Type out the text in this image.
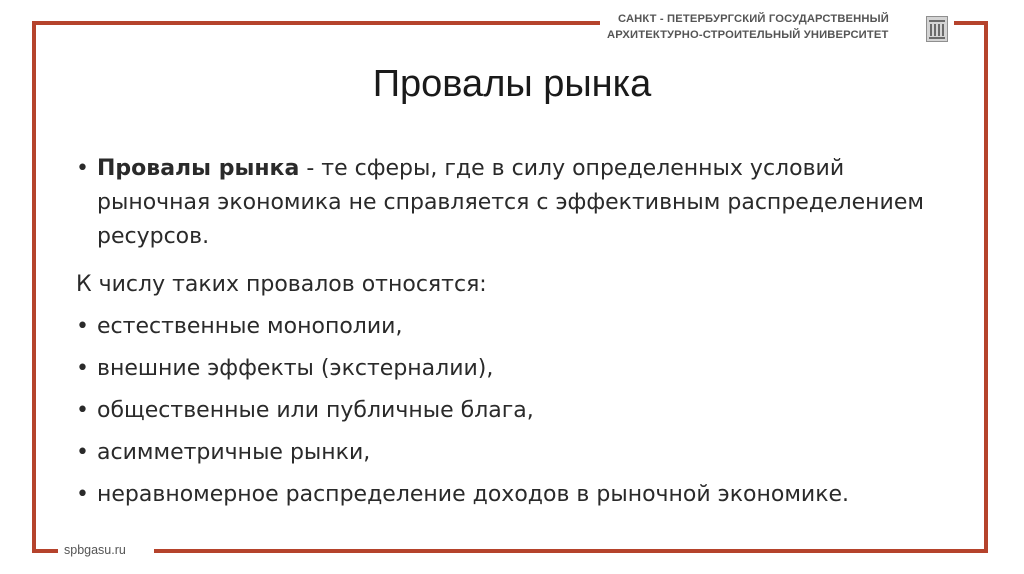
САНКТ - ПЕТЕРБУРГСКИЙ ГОСУДАРСТВЕННЫЙ
АРХИТЕКТУРНО-СТРОИТЕЛЬНЫЙ УНИВЕРСИТЕТ
Провалы рынка
• Провалы рынка - те сферы, где в силу определенных условий рыночная экономика не справляется с эффективным распределением ресурсов.
К числу таких провалов относятся:
• естественные монополии,
• внешние эффекты (экстерналии),
• общественные или публичные блага,
• асимметричные рынки,
• неравномерное распределение доходов в рыночной экономике.
spbgasu.ru
